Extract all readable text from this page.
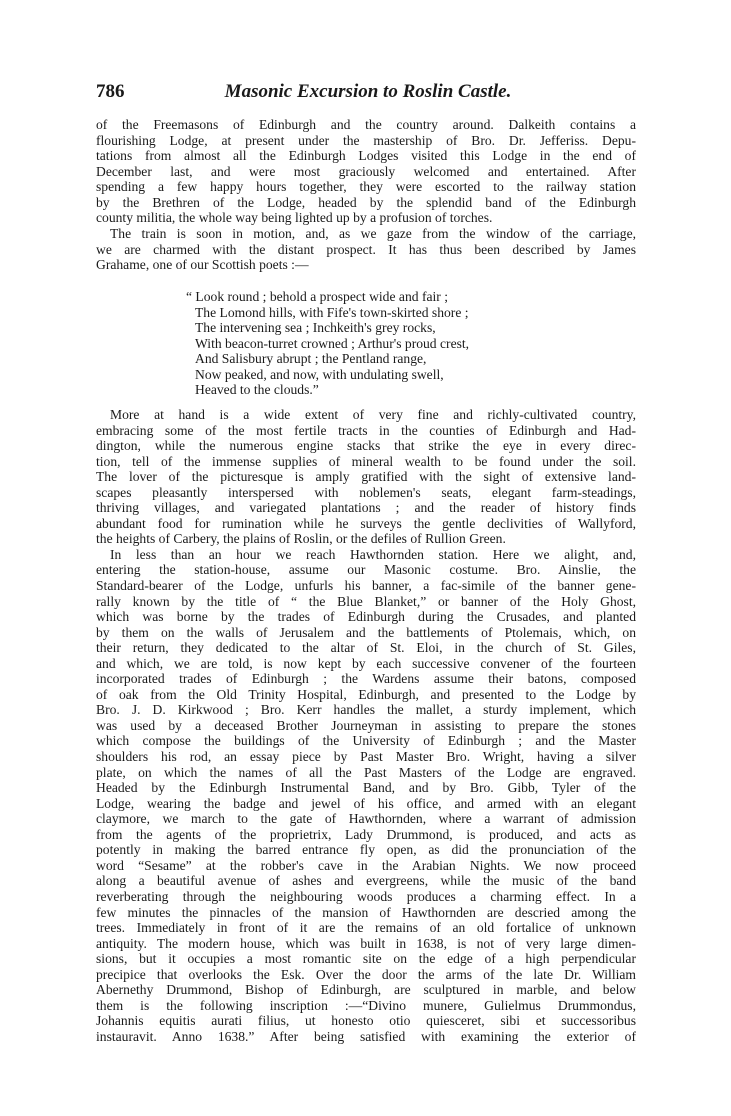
786	Masonic Excursion to Roslin Castle.
of the Freemasons of Edinburgh and the country around. Dalkeith contains a
flourishing Lodge, at present under the mastership of Bro. Dr. Jefferiss. Depu-
tations from almost all the Edinburgh Lodges visited this Lodge in the end of
December last, and were most graciously welcomed and entertained. After
spending a few happy hours together, they were escorted to the railway station
by the Brethren of the Lodge, headed by the splendid band of the Edinburgh
county militia, the whole way being lighted up by a profusion of torches.
The train is soon in motion, and, as we gaze from the window of the carriage,
we are charmed with the distant prospect. It has thus been described by James
Grahame, one of our Scottish poets :—
“ Look round ; behold a prospect wide and fair ;
The Lomond hills, with Fife's town-skirted shore ;
The intervening sea ; Inchkeith's grey rocks,
With beacon-turret crowned ; Arthur's proud crest,
And Salisbury abrupt ; the Pentland range,
Now peaked, and now, with undulating swell,
Heaved to the clouds.”
More at hand is a wide extent of very fine and richly-cultivated country,
embracing some of the most fertile tracts in the counties of Edinburgh and Had-
dington, while the numerous engine stacks that strike the eye in every direc-
tion, tell of the immense supplies of mineral wealth to be found under the soil.
The lover of the picturesque is amply gratified with the sight of extensive land-
scapes pleasantly interspersed with noblemen's seats, elegant farm-steadings,
thriving villages, and variegated plantations ; and the reader of history finds
abundant food for rumination while he surveys the gentle declivities of Wallyford,
the heights of Carbery, the plains of Roslin, or the defiles of Rullion Green.
In less than an hour we reach Hawthornden station. Here we alight, and,
entering the station-house, assume our Masonic costume. Bro. Ainslie, the
Standard-bearer of the Lodge, unfurls his banner, a fac-simile of the banner gene-
rally known by the title of “ the Blue Blanket,” or banner of the Holy Ghost,
which was borne by the trades of Edinburgh during the Crusades, and planted
by them on the walls of Jerusalem and the battlements of Ptolemais, which, on
their return, they dedicated to the altar of St. Eloi, in the church of St. Giles,
and which, we are told, is now kept by each successive convener of the fourteen
incorporated trades of Edinburgh ; the Wardens assume their batons, composed
of oak from the Old Trinity Hospital, Edinburgh, and presented to the Lodge by
Bro. J. D. Kirkwood ; Bro. Kerr handles the mallet, a sturdy implement, which
was used by a deceased Brother Journeyman in assisting to prepare the stones
which compose the buildings of the University of Edinburgh ; and the Master
shoulders his rod, an essay piece by Past Master Bro. Wright, having a silver
plate, on which the names of all the Past Masters of the Lodge are engraved.
Headed by the Edinburgh Instrumental Band, and by Bro. Gibb, Tyler of the
Lodge, wearing the badge and jewel of his office, and armed with an elegant
claymore, we march to the gate of Hawthornden, where a warrant of admission
from the agents of the proprietrix, Lady Drummond, is produced, and acts as
potently in making the barred entrance fly open, as did the pronunciation of the
word “Sesame” at the robber's cave in the Arabian Nights. We now proceed
along a beautiful avenue of ashes and evergreens, while the music of the band
reverberating through the neighbouring woods produces a charming effect. In a
few minutes the pinnacles of the mansion of Hawthornden are descried among the
trees. Immediately in front of it are the remains of an old fortalice of unknown
antiquity. The modern house, which was built in 1638, is not of very large dimen-
sions, but it occupies a most romantic site on the edge of a high perpendicular
precipice that overlooks the Esk. Over the door the arms of the late Dr. William
Abernethy Drummond, Bishop of Edinburgh, are sculptured in marble, and below
them is the following inscription :—“Divino munere, Gulielmus Drummondus,
Johannis equitis aurati filius, ut honesto otio quiesceret, sibi et successoribus
instauravit. Anno 1638.” After being satisfied with examining the exterior of
